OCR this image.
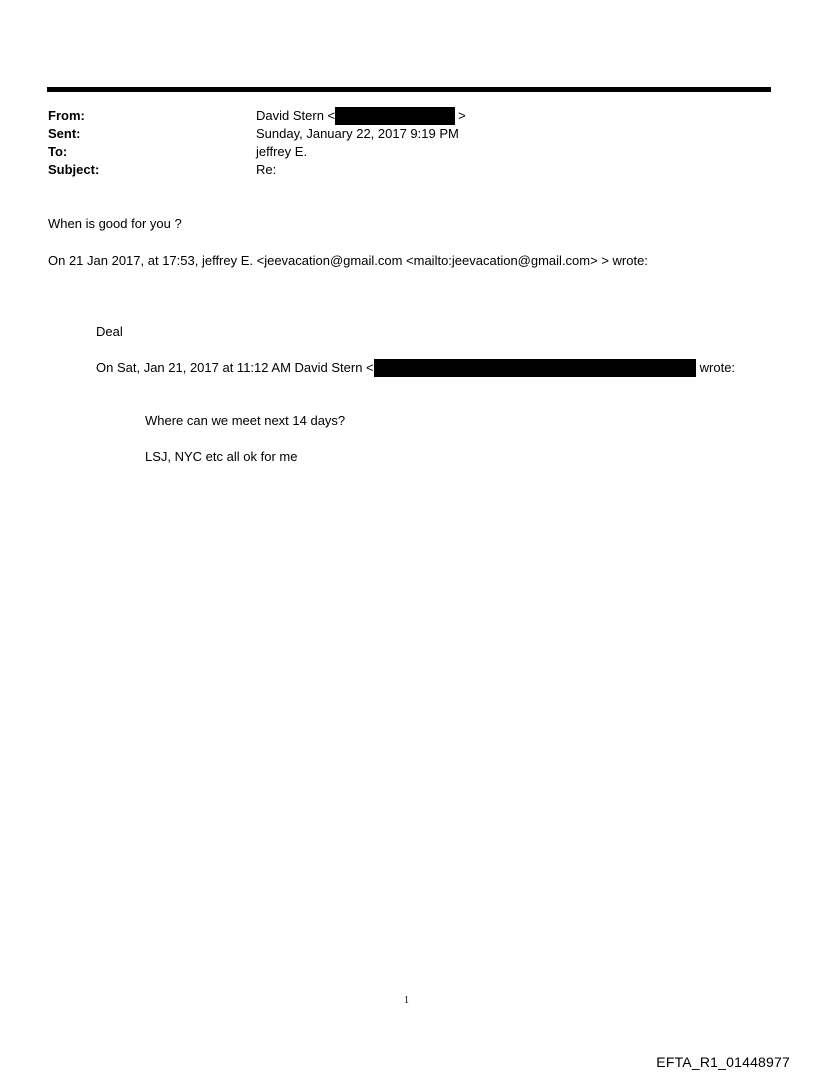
From:	David Stern <	>
Sent:	Sunday, January 22, 2017 9:19 PM
To:	jeffrey E.
Subject:	Re:
When is good for you ?
On 21 Jan 2017, at 17:53, jeffrey E. <jeevacation@gmail.com <mailto:jeevacation@gmail.com> > wrote:
Deal
On Sat, Jan 21, 2017 at 11:12 AM David Stern <	wrote:
Where can we meet next 14 days?
LSJ, NYC etc all ok for me
1
EFTA_R1_01448977
